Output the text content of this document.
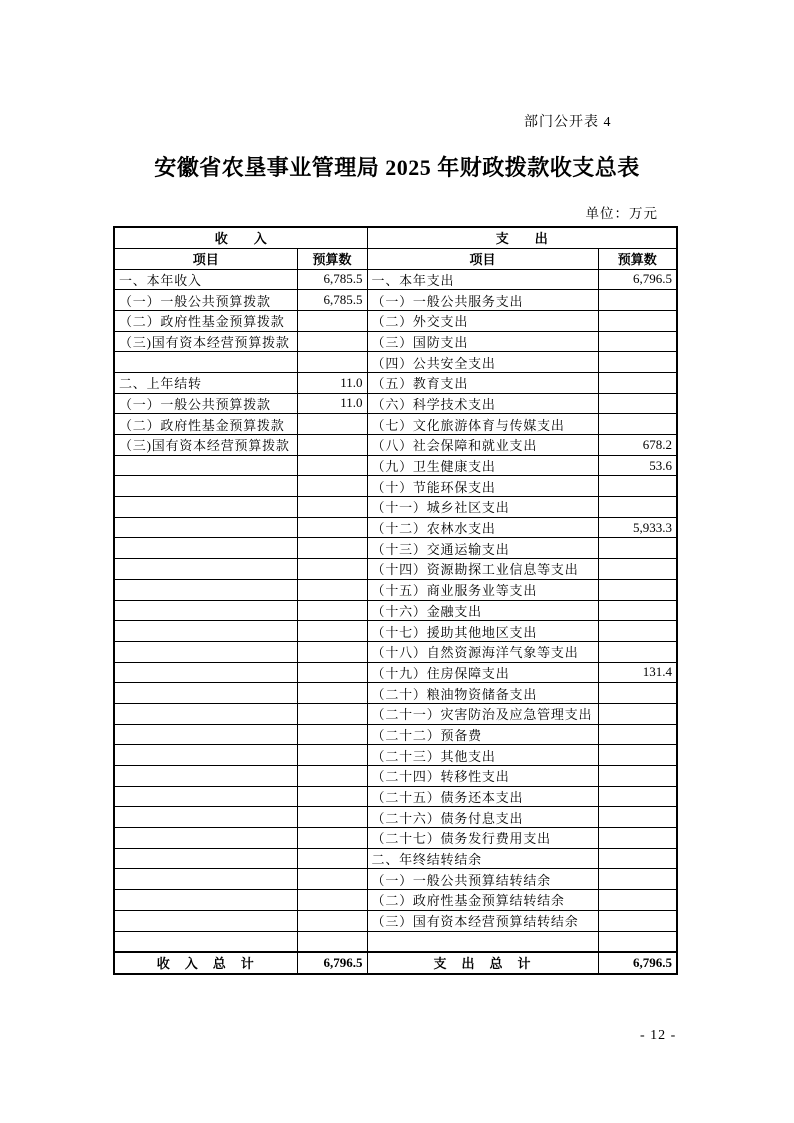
部门公开表 4
安徽省农垦事业管理局 2025 年财政拨款收支总表
单位：万元
收　　入		支　　出	
项目	预算数	项目	预算数
一、本年收入	6,785.5	一、本年支出	6,796.5
（一）一般公共预算拨款	6,785.5	（一）一般公共服务支出	
（二）政府性基金预算拨款		（二）外交支出	
（三)国有资本经营预算拨款		（三）国防支出	
		（四）公共安全支出	
二、上年结转	11.0	（五）教育支出	
（一）一般公共预算拨款	11.0	（六）科学技术支出	
（二）政府性基金预算拨款		（七）文化旅游体育与传媒支出	
（三)国有资本经营预算拨款		（八）社会保障和就业支出	678.2
		（九）卫生健康支出	53.6
		（十）节能环保支出	
		（十一）城乡社区支出	
		（十二）农林水支出	5,933.3
		（十三）交通运输支出	
		（十四）资源勘探工业信息等支出	
		（十五）商业服务业等支出	
		（十六）金融支出	
		（十七）援助其他地区支出	
		（十八）自然资源海洋气象等支出	
		（十九）住房保障支出	131.4
		（二十）粮油物资储备支出	
		（二十一）灾害防治及应急管理支出	
		（二十二）预备费	
		（二十三）其他支出	
		（二十四）转移性支出	
		（二十五）债务还本支出	
		（二十六）债务付息支出	
		（二十七）债务发行费用支出	
		二、年终结转结余	
		（一）一般公共预算结转结余	
		（二）政府性基金预算结转结余	
		（三）国有资本经营预算结转结余	

收　入　总　计	6,796.5	支　出　总　计	6,796.5
- 12 -
